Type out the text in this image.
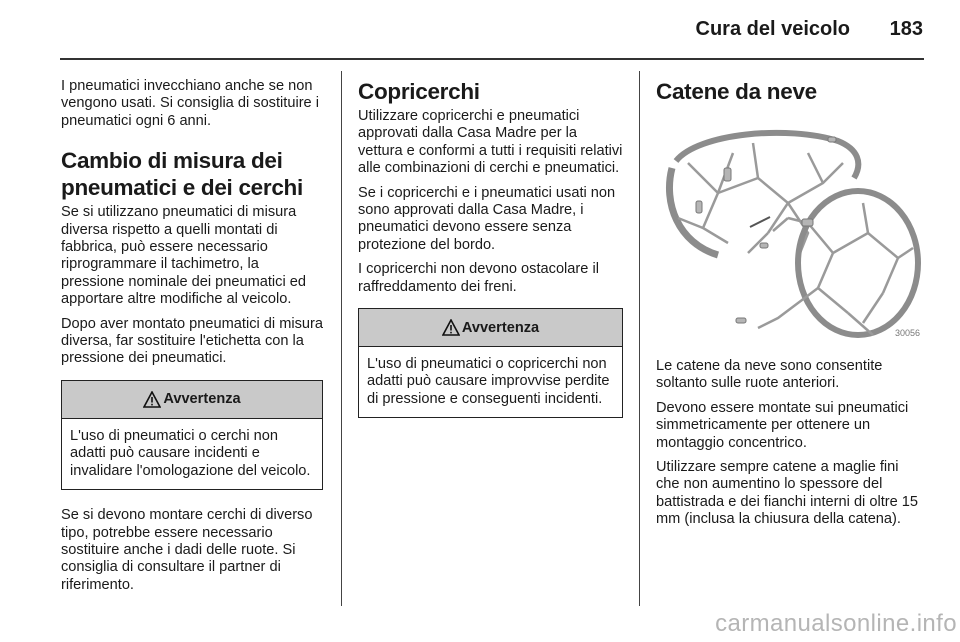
Cura del veicolo	183

I pneumatici invecchiano anche se non vengono usati. Si consiglia di sostituire i pneumatici ogni 6 anni.

Cambio di misura dei pneumatici e dei cerchi

Se si utilizzano pneumatici di misura diversa rispetto a quelli montati di fabbrica, può essere necessario riprogrammare il tachimetro, la pressione nominale dei pneumatici ed apportare altre modifiche al veicolo.

Dopo aver montato pneumatici di misura diversa, far sostituire l'etichetta con la pressione dei pneumatici.

Avvertenza
L'uso di pneumatici o cerchi non adatti può causare incidenti e invalidare l'omologazione del veicolo.

Se si devono montare cerchi di diverso tipo, potrebbe essere necessario sostituire anche i dadi delle ruote. Si consiglia di consultare il partner di riferimento.

Copricerchi

Utilizzare copricerchi e pneumatici approvati dalla Casa Madre per la vettura e conformi a tutti i requisiti relativi alle combinazioni di cerchi e pneumatici.

Se i copricerchi e i pneumatici usati non sono approvati dalla Casa Madre, i pneumatici devono essere senza protezione del bordo.

I copricerchi non devono ostacolare il raffreddamento dei freni.

Avvertenza
L'uso di pneumatici o copricerchi non adatti può causare improvvise perdite di pressione e conseguenti incidenti.
Catene da neve
30056

Le catene da neve sono consentite soltanto sulle ruote anteriori.

Devono essere montate sui pneumatici simmetricamente per ottenere un montaggio concentrico.

Utilizzare sempre catene a maglie fini che non aumentino lo spessore del battistrada e dei fianchi interni di oltre 15 mm (inclusa la chiusura della catena).

carmanualsonline.info
